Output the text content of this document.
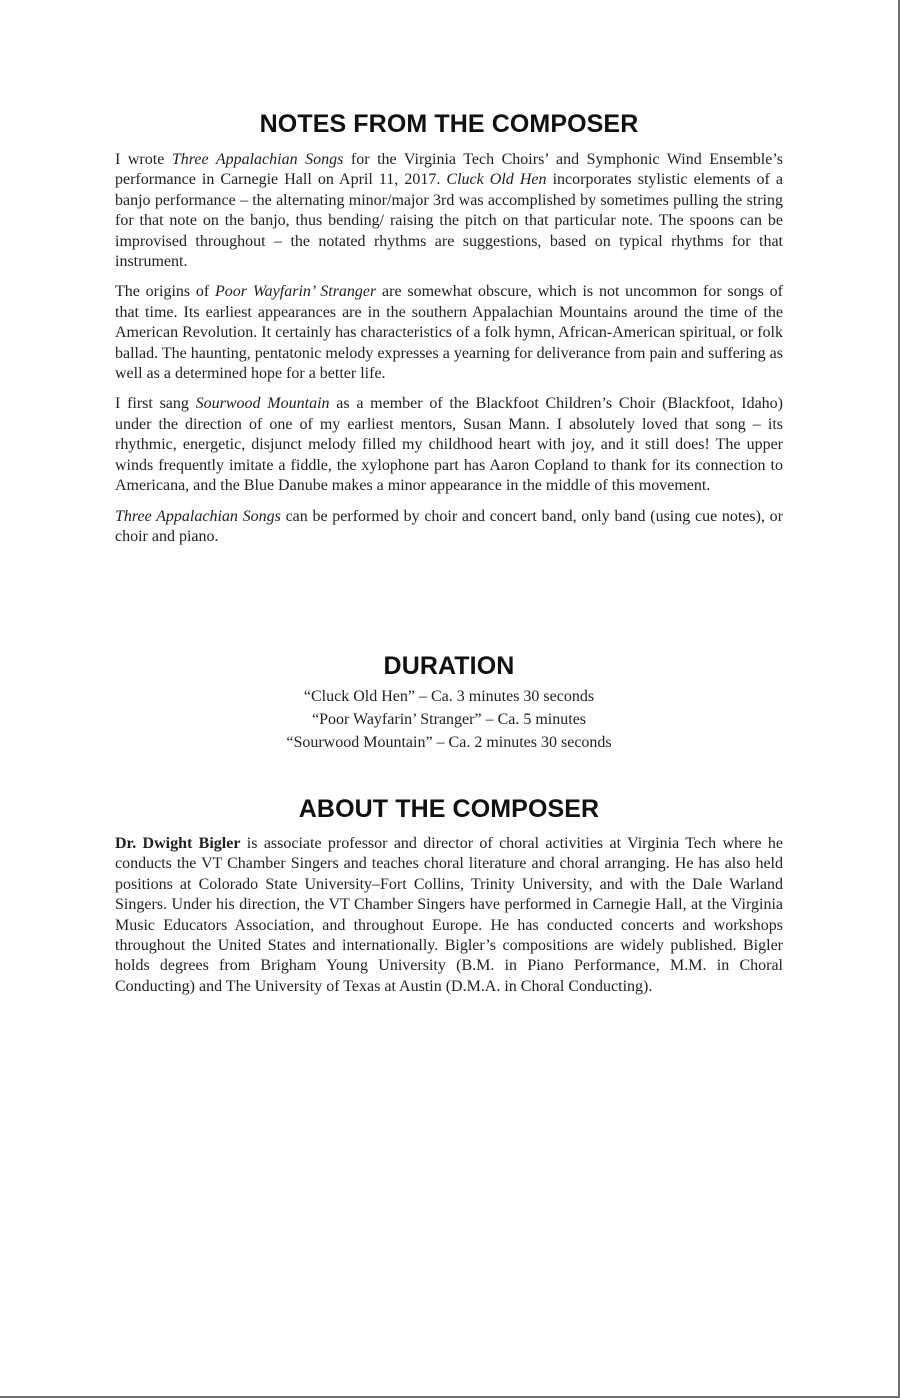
NOTES FROM THE COMPOSER

I wrote Three Appalachian Songs for the Virginia Tech Choirs’ and Symphonic Wind Ensemble’s performance in Carnegie Hall on April 11, 2017. Cluck Old Hen incorporates stylistic elements of a banjo performance – the alternating minor/major 3rd was accomplished by sometimes pulling the string for that note on the banjo, thus bending/ raising the pitch on that particular note. The spoons can be improvised throughout – the notated rhythms are suggestions, based on typical rhythms for that instrument.

The origins of Poor Wayfarin’ Stranger are somewhat obscure, which is not uncommon for songs of that time. Its earliest appearances are in the southern Appalachian Mountains around the time of the American Revolution. It certainly has characteristics of a folk hymn, African-American spiritual, or folk ballad. The haunting, pentatonic melody expresses a yearning for deliverance from pain and suffering as well as a determined hope for a better life.

I first sang Sourwood Mountain as a member of the Blackfoot Children’s Choir (Blackfoot, Idaho) under the direction of one of my earliest mentors, Susan Mann. I absolutely loved that song – its rhythmic, energetic, disjunct melody filled my childhood heart with joy, and it still does! The upper winds frequently imitate a fiddle, the xylophone part has Aaron Copland to thank for its connection to Americana, and the Blue Danube makes a minor appearance in the middle of this movement.

Three Appalachian Songs can be performed by choir and concert band, only band (using cue notes), or choir and piano.

DURATION
“Cluck Old Hen” – Ca. 3 minutes 30 seconds
“Poor Wayfarin’ Stranger” – Ca. 5 minutes
“Sourwood Mountain” – Ca. 2 minutes 30 seconds
ABOUT THE COMPOSER

Dr. Dwight Bigler is associate professor and director of choral activities at Virginia Tech where he conducts the VT Chamber Singers and teaches choral literature and choral arranging. He has also held positions at Colorado State University–Fort Collins, Trinity University, and with the Dale Warland Singers. Under his direction, the VT Chamber Singers have performed in Carnegie Hall, at the Virginia Music Educators Association, and throughout Europe. He has conducted concerts and workshops throughout the United States and internationally. Bigler’s compositions are widely published. Bigler holds degrees from Brigham Young University (B.M. in Piano Performance, M.M. in Choral Conducting) and The University of Texas at Austin (D.M.A. in Choral Conducting).
